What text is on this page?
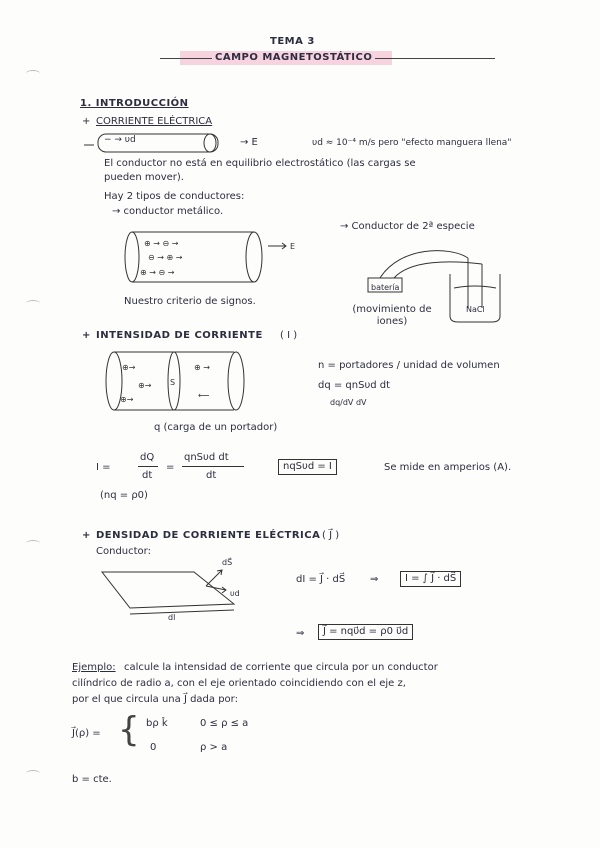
TEMA 3
CAMPO MAGNETOSTÁTICO
1. INTRODUCCIÓN
+ CORRIENTE ELÉCTRICA
− → υd	→ E	υd ≈ 10⁻⁴ m/s pero "efecto manguera llena"
El conductor no está en equilibrio electrostático (las cargas se
pueden mover).
Hay 2 tipos de conductores:
→ conductor metálico.
→ Conductor de 2ª especie
⊕ → ⊖ →
⊖ → ⊕ →
⊕ → ⊖ →
E
Nuestro criterio de signos.
batería
NaCl
(movimiento de iones)
+ INTENSIDAD DE CORRIENTE ( I )
S
⊕→
⊕→
⊕→
⊕ →
⟵
q (carga de un portador)
n = portadores / unidad de volumen
dq = qnSυd dt
dq/dV dV
I =
dQ
dt
=
qnSυd dt
dt
nqSυd = I	Se mide en amperios (A).
(nq = ρ0)
+ DENSIDAD DE CORRIENTE ELÉCTRICA ( J⃗ )
Conductor:
dS⃗
υd
dl
dI = J⃗ · dS⃗ ⇒	I = ∫ J⃗ · dS⃗
⇒	J⃗ = nqυ⃗d = ρ0 υ⃗d
Ejemplo: calcule la intensidad de corriente que circula por un conductor
cilíndrico de radio a, con el eje orientado coincidiendo con el eje z,
por el que circula una J⃗ dada por:
J⃗(ρ) = { bρ k̂	0 ≤ ρ ≤ a
0	ρ > a
b = cte.
